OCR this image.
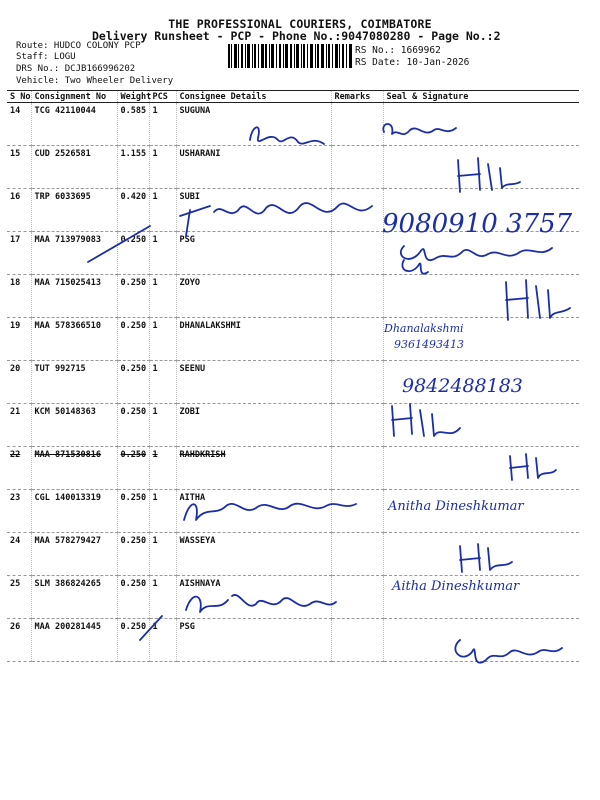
THE PROFESSIONAL COURIERS, COIMBATORE
Delivery Runsheet - PCP - Phone No.:9047080280 - Page No.:2
Route: HUDCO COLONY PCP
Staff: LOGU
DRS No.: DCJB166996202
Vehicle: Two Wheeler Delivery
RS No.: 1669962
RS Date: 10-Jan-2026
S No	Consignment No	Weight	PCS	Consignee Details	Remarks	Seal & Signature
14	TCG 42110044	0.585	1	SUGUNA		
15	CUD 2526581	1.155	1	USHARANI		
16	TRP 6033695	0.420	1	SUBI		
17	MAA 713979083	0.250	1	PSG		
18	MAA 715025413	0.250	1	ZOYO		
19	MAA 578366510	0.250	1	DHANALAKSHMI		
20	TUT 992715	0.250	1	SEENU		
21	KCM 50148363	0.250	1	ZOBI		
22	MAA 871530816	0.250	1	RAHDKRISH		
23	CGL 140013319	0.250	1	AITHA		
24	MAA 578279427	0.250	1	WASSEYA		
25	SLM 386824265	0.250	1	AISHNAYA		
26	MAA 200281445	0.250	1	PSG		
9080910 3757
Dhanalakshmi
9361493413
9842488183
Anitha Dineshkumar
Aitha Dineshkumar
